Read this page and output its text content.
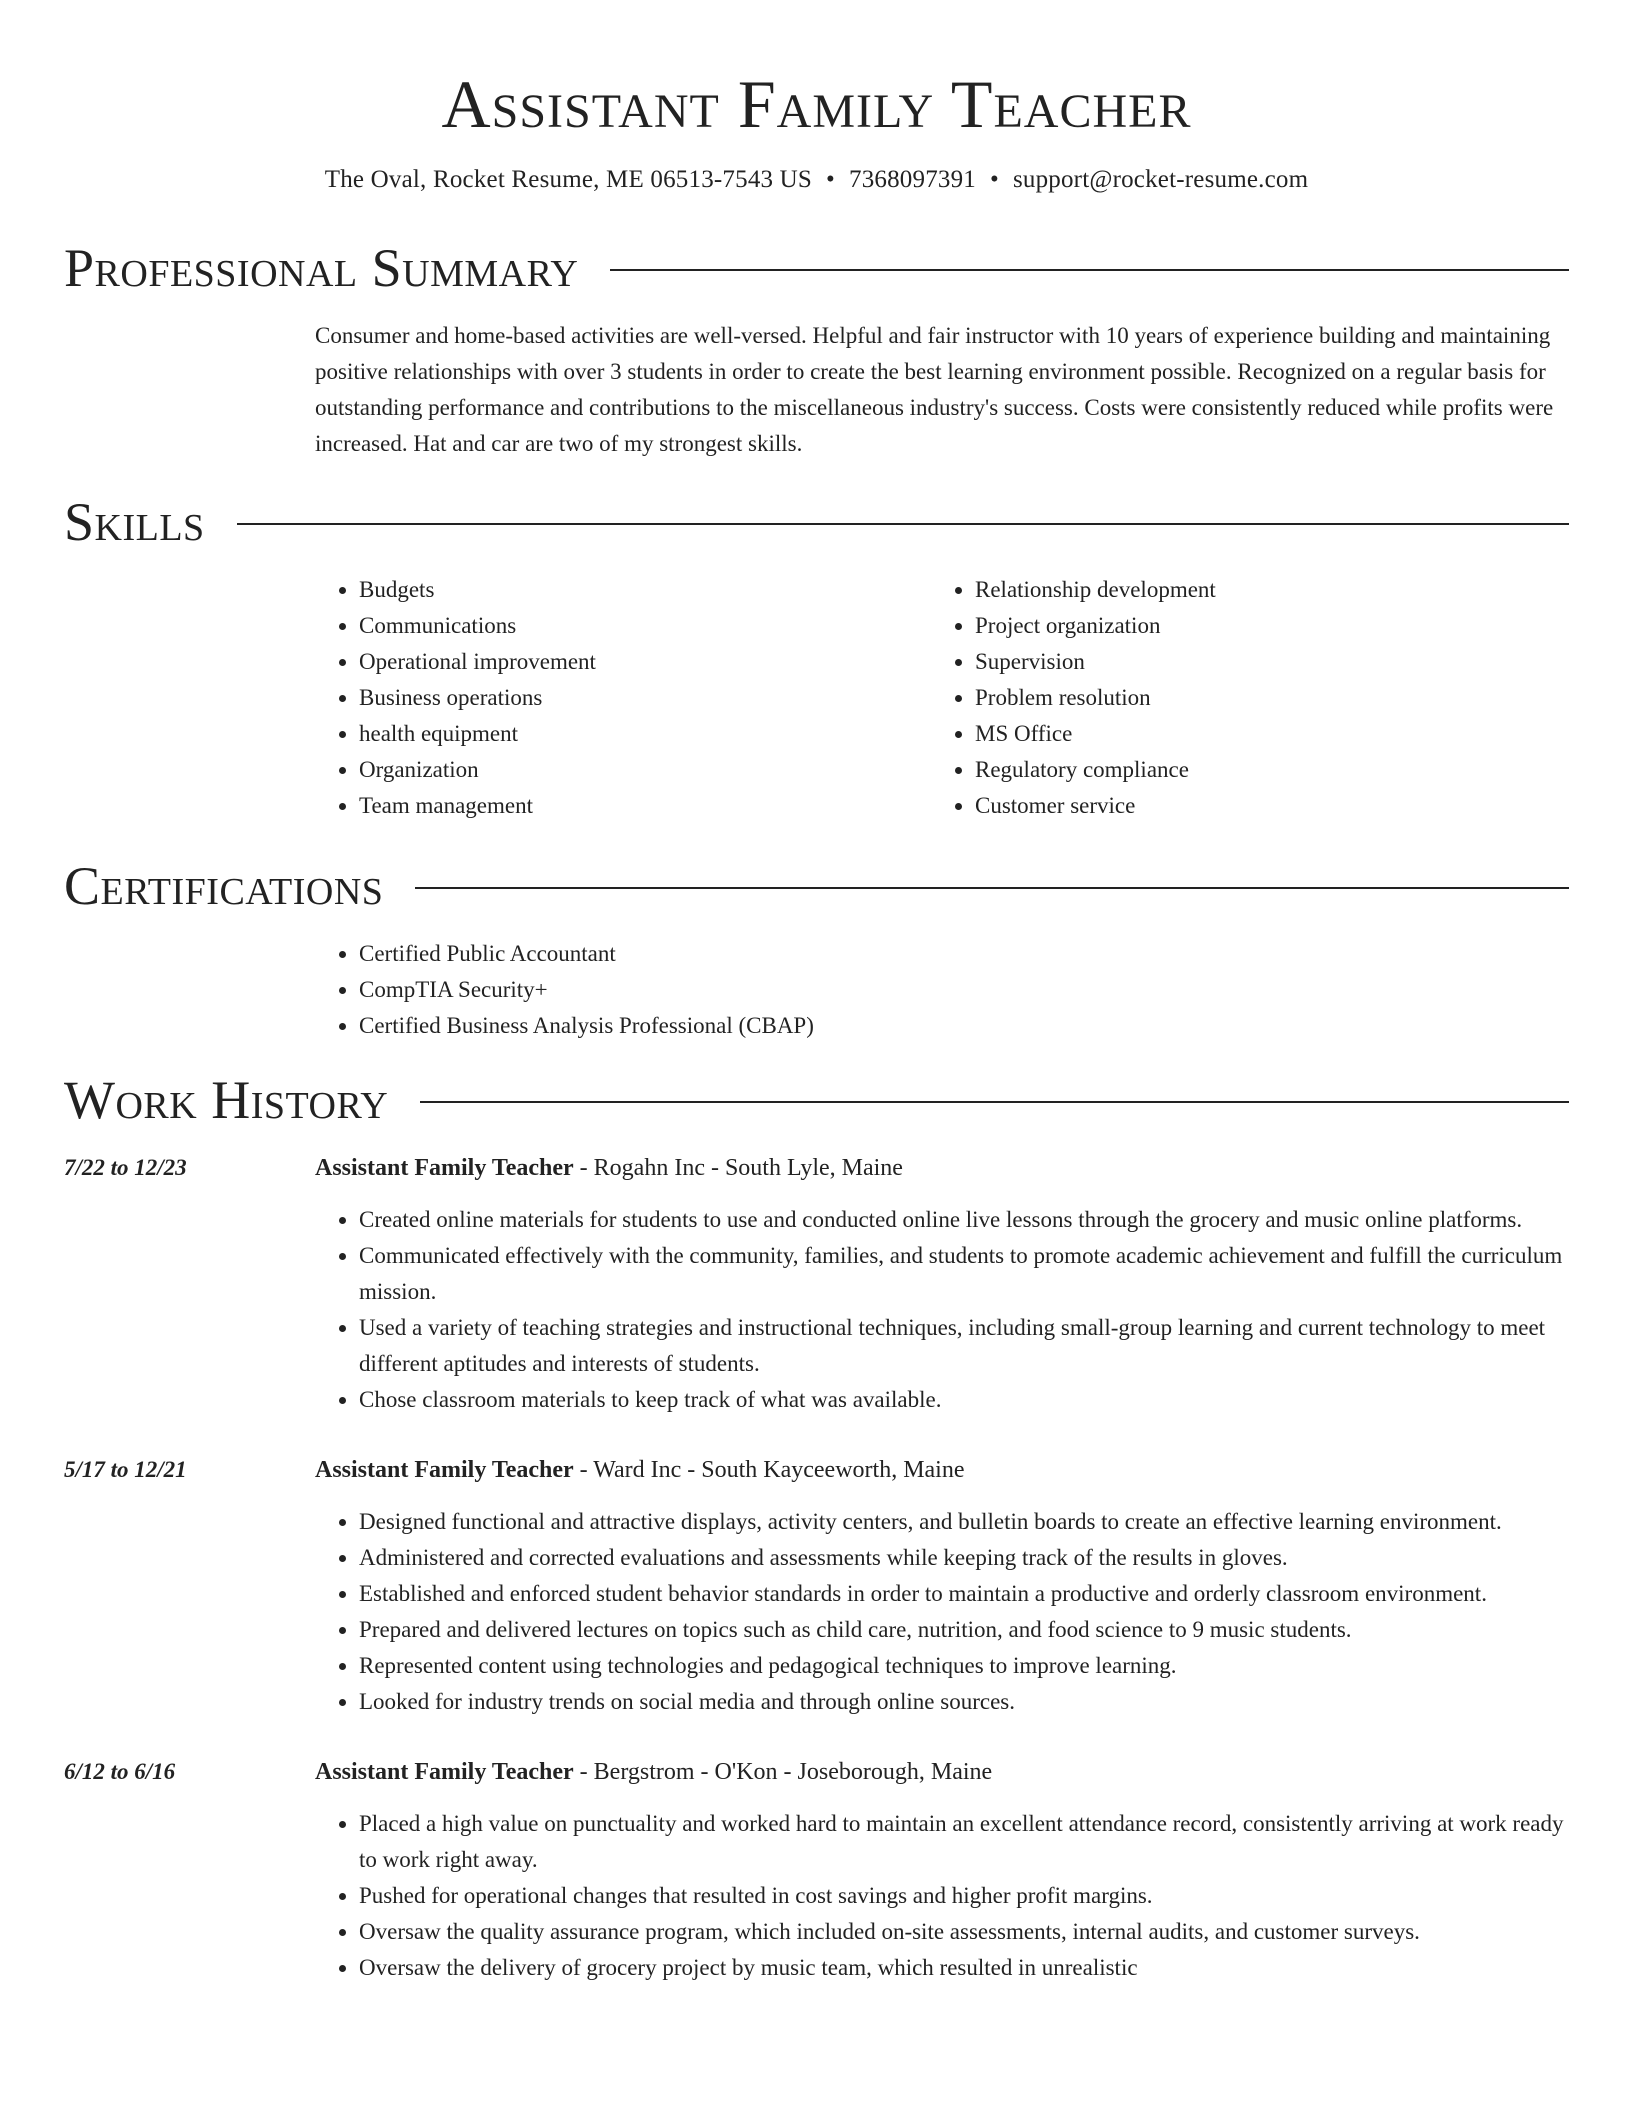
Assistant Family Teacher
The Oval, Rocket Resume, ME 06513-7543 US • 7368097391 • support@rocket-resume.com
Professional Summary
Consumer and home-based activities are well-versed. Helpful and fair instructor with 10 years of experience building and maintaining positive relationships with over 3 students in order to create the best learning environment possible. Recognized on a regular basis for outstanding performance and contributions to the miscellaneous industry's success. Costs were consistently reduced while profits were increased. Hat and car are two of my strongest skills.
Skills
• Budgets
• Communications
• Operational improvement
• Business operations
• health equipment
• Organization
• Team management
• Relationship development
• Project organization
• Supervision
• Problem resolution
• MS Office
• Regulatory compliance
• Customer service
Certifications
• Certified Public Accountant
• CompTIA Security+
• Certified Business Analysis Professional (CBAP)
Work History
7/22 to 12/23	Assistant Family Teacher - Rogahn Inc - South Lyle, Maine
• Created online materials for students to use and conducted online live lessons through the grocery and music online platforms.
• Communicated effectively with the community, families, and students to promote academic achievement and fulfill the curriculum mission.
• Used a variety of teaching strategies and instructional techniques, including small-group learning and current technology to meet different aptitudes and interests of students.
• Chose classroom materials to keep track of what was available.
5/17 to 12/21	Assistant Family Teacher - Ward Inc - South Kayceeworth, Maine
• Designed functional and attractive displays, activity centers, and bulletin boards to create an effective learning environment.
• Administered and corrected evaluations and assessments while keeping track of the results in gloves.
• Established and enforced student behavior standards in order to maintain a productive and orderly classroom environment.
• Prepared and delivered lectures on topics such as child care, nutrition, and food science to 9 music students.
• Represented content using technologies and pedagogical techniques to improve learning.
• Looked for industry trends on social media and through online sources.
6/12 to 6/16	Assistant Family Teacher - Bergstrom - O'Kon - Joseborough, Maine
• Placed a high value on punctuality and worked hard to maintain an excellent attendance record, consistently arriving at work ready to work right away.
• Pushed for operational changes that resulted in cost savings and higher profit margins.
• Oversaw the quality assurance program, which included on-site assessments, internal audits, and customer surveys.
• Oversaw the delivery of grocery project by music team, which resulted in unrealistic
